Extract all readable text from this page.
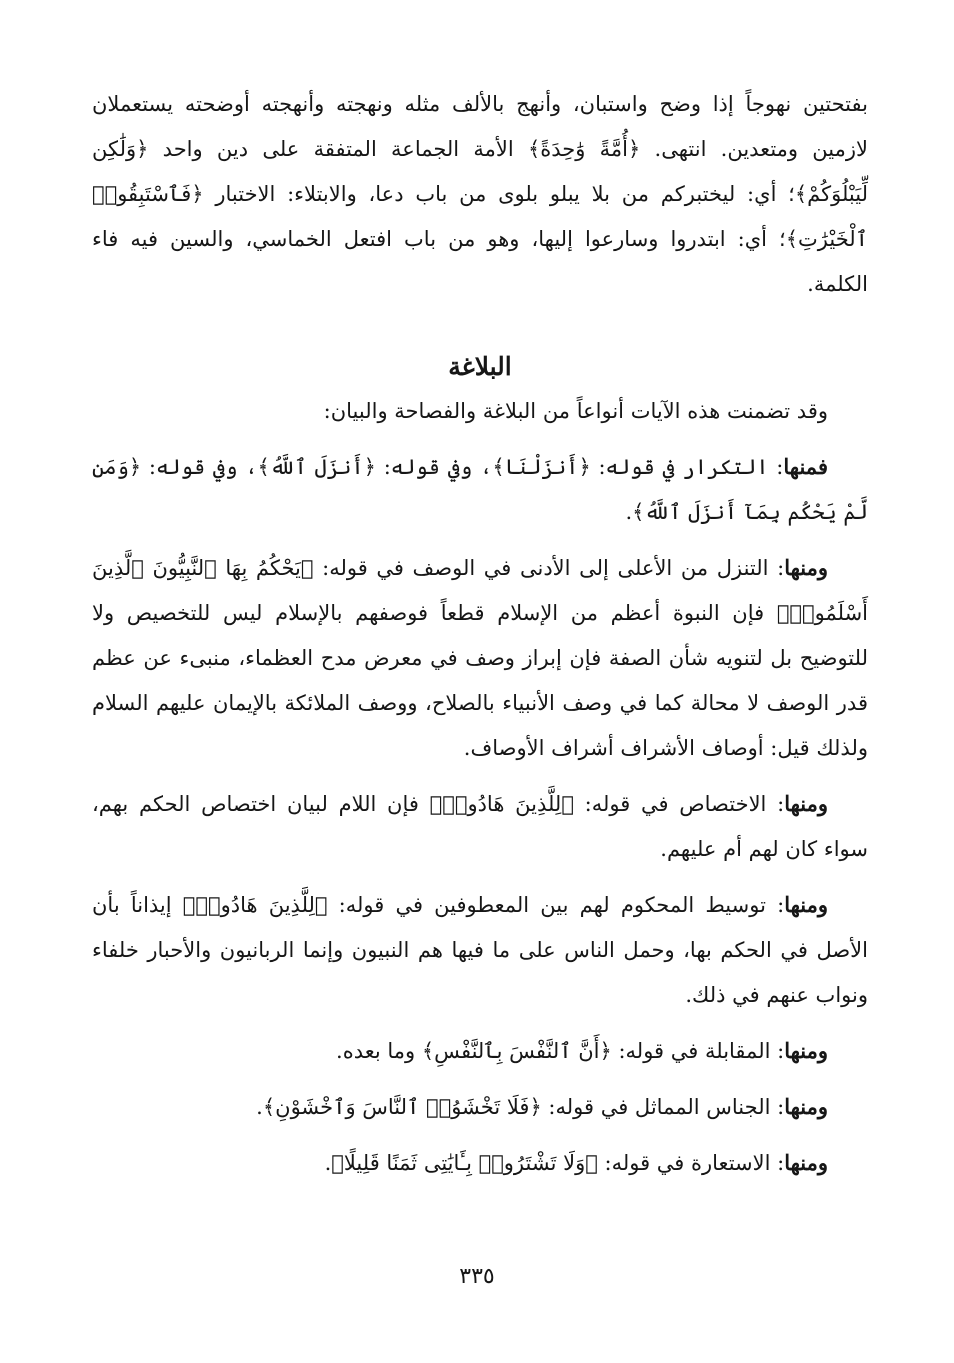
بفتحتين نهوجاً إذا وضح واستبان، وأنهج بالألف مثله ونهجته وأنهجته أوضحته يستعملان لازمين ومتعدين. انتهى. ﴿أُمَّةً وَٰحِدَةً﴾ الأمة الجماعة المتفقة على دين واحد ﴿وَلَٰكِن لِّيَبْلُوَكُمْ﴾؛ أي: ليختبركم من بلا يبلو بلوى من باب دعا، والابتلاء: الاختبار ﴿فَٱسْتَبِقُوا۟ ٱلْخَيْرَٰتِ﴾؛ أي: ابتدروا وسارعوا إليها، وهو من باب افتعل الخماسي، والسين فيه فاء الكلمة.

البلاغة

وقد تضمنت هذه الآيات أنواعاً من البلاغة والفصاحة والبيان:

فمنها: التكرار في قوله: ﴿أَنزَلْنَا﴾، وفي قوله: ﴿أَنزَلَ ٱللَّهُ﴾، وفي قوله: ﴿وَمَن لَّمْ يَحْكُم بِمَآ أَنزَلَ ٱللَّهُ﴾.

ومنها: التنزل من الأعلى إلى الأدنى في الوصف في قوله: ﴿يَحْكُمُ بِهَا ٱلنَّبِيُّونَ ٱلَّذِينَ أَسْلَمُوا۟﴾ فإن النبوة أعظم من الإسلام قطعاً فوصفهم بالإسلام ليس للتخصيص ولا للتوضيح بل لتنويه شأن الصفة فإن إبراز وصف في معرض مدح العظماء، منبىء عن عظم قدر الوصف لا محالة كما في وصف الأنبياء بالصلاح، ووصف الملائكة بالإيمان عليهم السلام ولذلك قيل: أوصاف الأشراف أشراف الأوصاف.

ومنها: الاختصاص في قوله: ﴿لِلَّذِينَ هَادُوا۟﴾ فإن اللام لبيان اختصاص الحكم بهم، سواء كان لهم أم عليهم.

ومنها: توسيط المحكوم لهم بين المعطوفين في قوله: ﴿لِلَّذِينَ هَادُوا۟﴾ إيذاناً بأن الأصل في الحكم بها، وحمل الناس على ما فيها هم النبيون وإنما الربانيون والأحبار خلفاء ونواب عنهم في ذلك.

ومنها: المقابلة في قوله: ﴿أَنَّ ٱلنَّفْسَ بِٱلنَّفْسِ﴾ وما بعده.

ومنها: الجناس المماثل في قوله: ﴿فَلَا تَخْشَوُا۟ ٱلنَّاسَ وَٱخْشَوْنِ﴾.

ومنها: الاستعارة في قوله: ﴿وَلَا تَشْتَرُوا۟ بِـَٔايَٰتِى ثَمَنًا قَلِيلًا﴾.

٣٣٥
